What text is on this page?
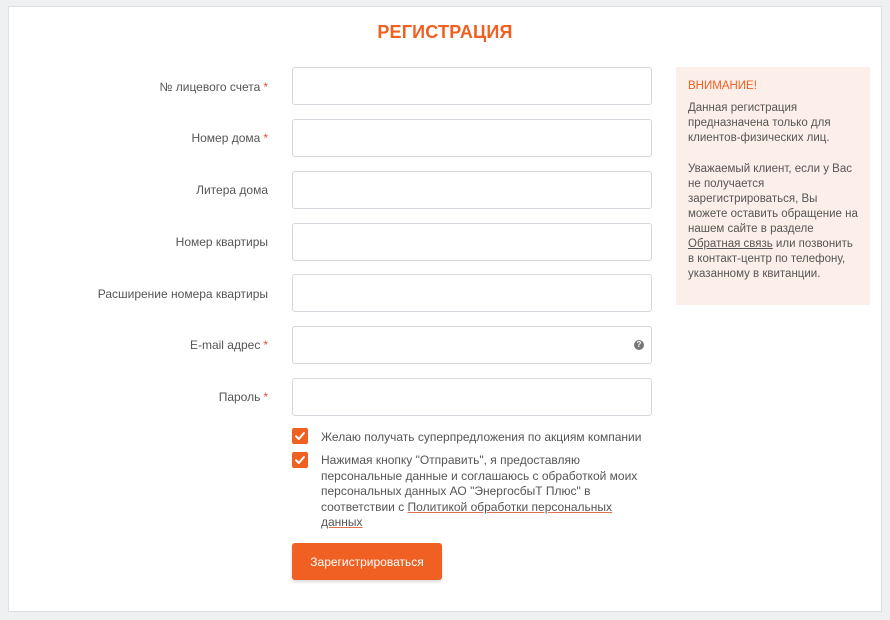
РЕГИСТРАЦИЯ
№ лицевого счета *
Номер дома *
Литера дома
Номер квартиры
Расширение номера квартиры
E-mail адрес *	?
Пароль *
Желаю получать суперпредложения по акциям компании
Нажимая кнопку "Отправить", я предоставляю персональные данные и соглашаюсь с обработкой моих персональных данных АО "ЭнергосбыТ Плюс" в соответствии с Политикой обработки персональных данных
Зарегистрироваться
ВНИМАНИЕ!

Данная регистрация предназначена только для клиентов-физических лиц.

Уважаемый клиент, если у Вас не получается зарегистрироваться, Вы можете оставить обращение на нашем сайте в разделе Обратная связь или позвонить в контакт-центр по телефону, указанному в квитанции.
